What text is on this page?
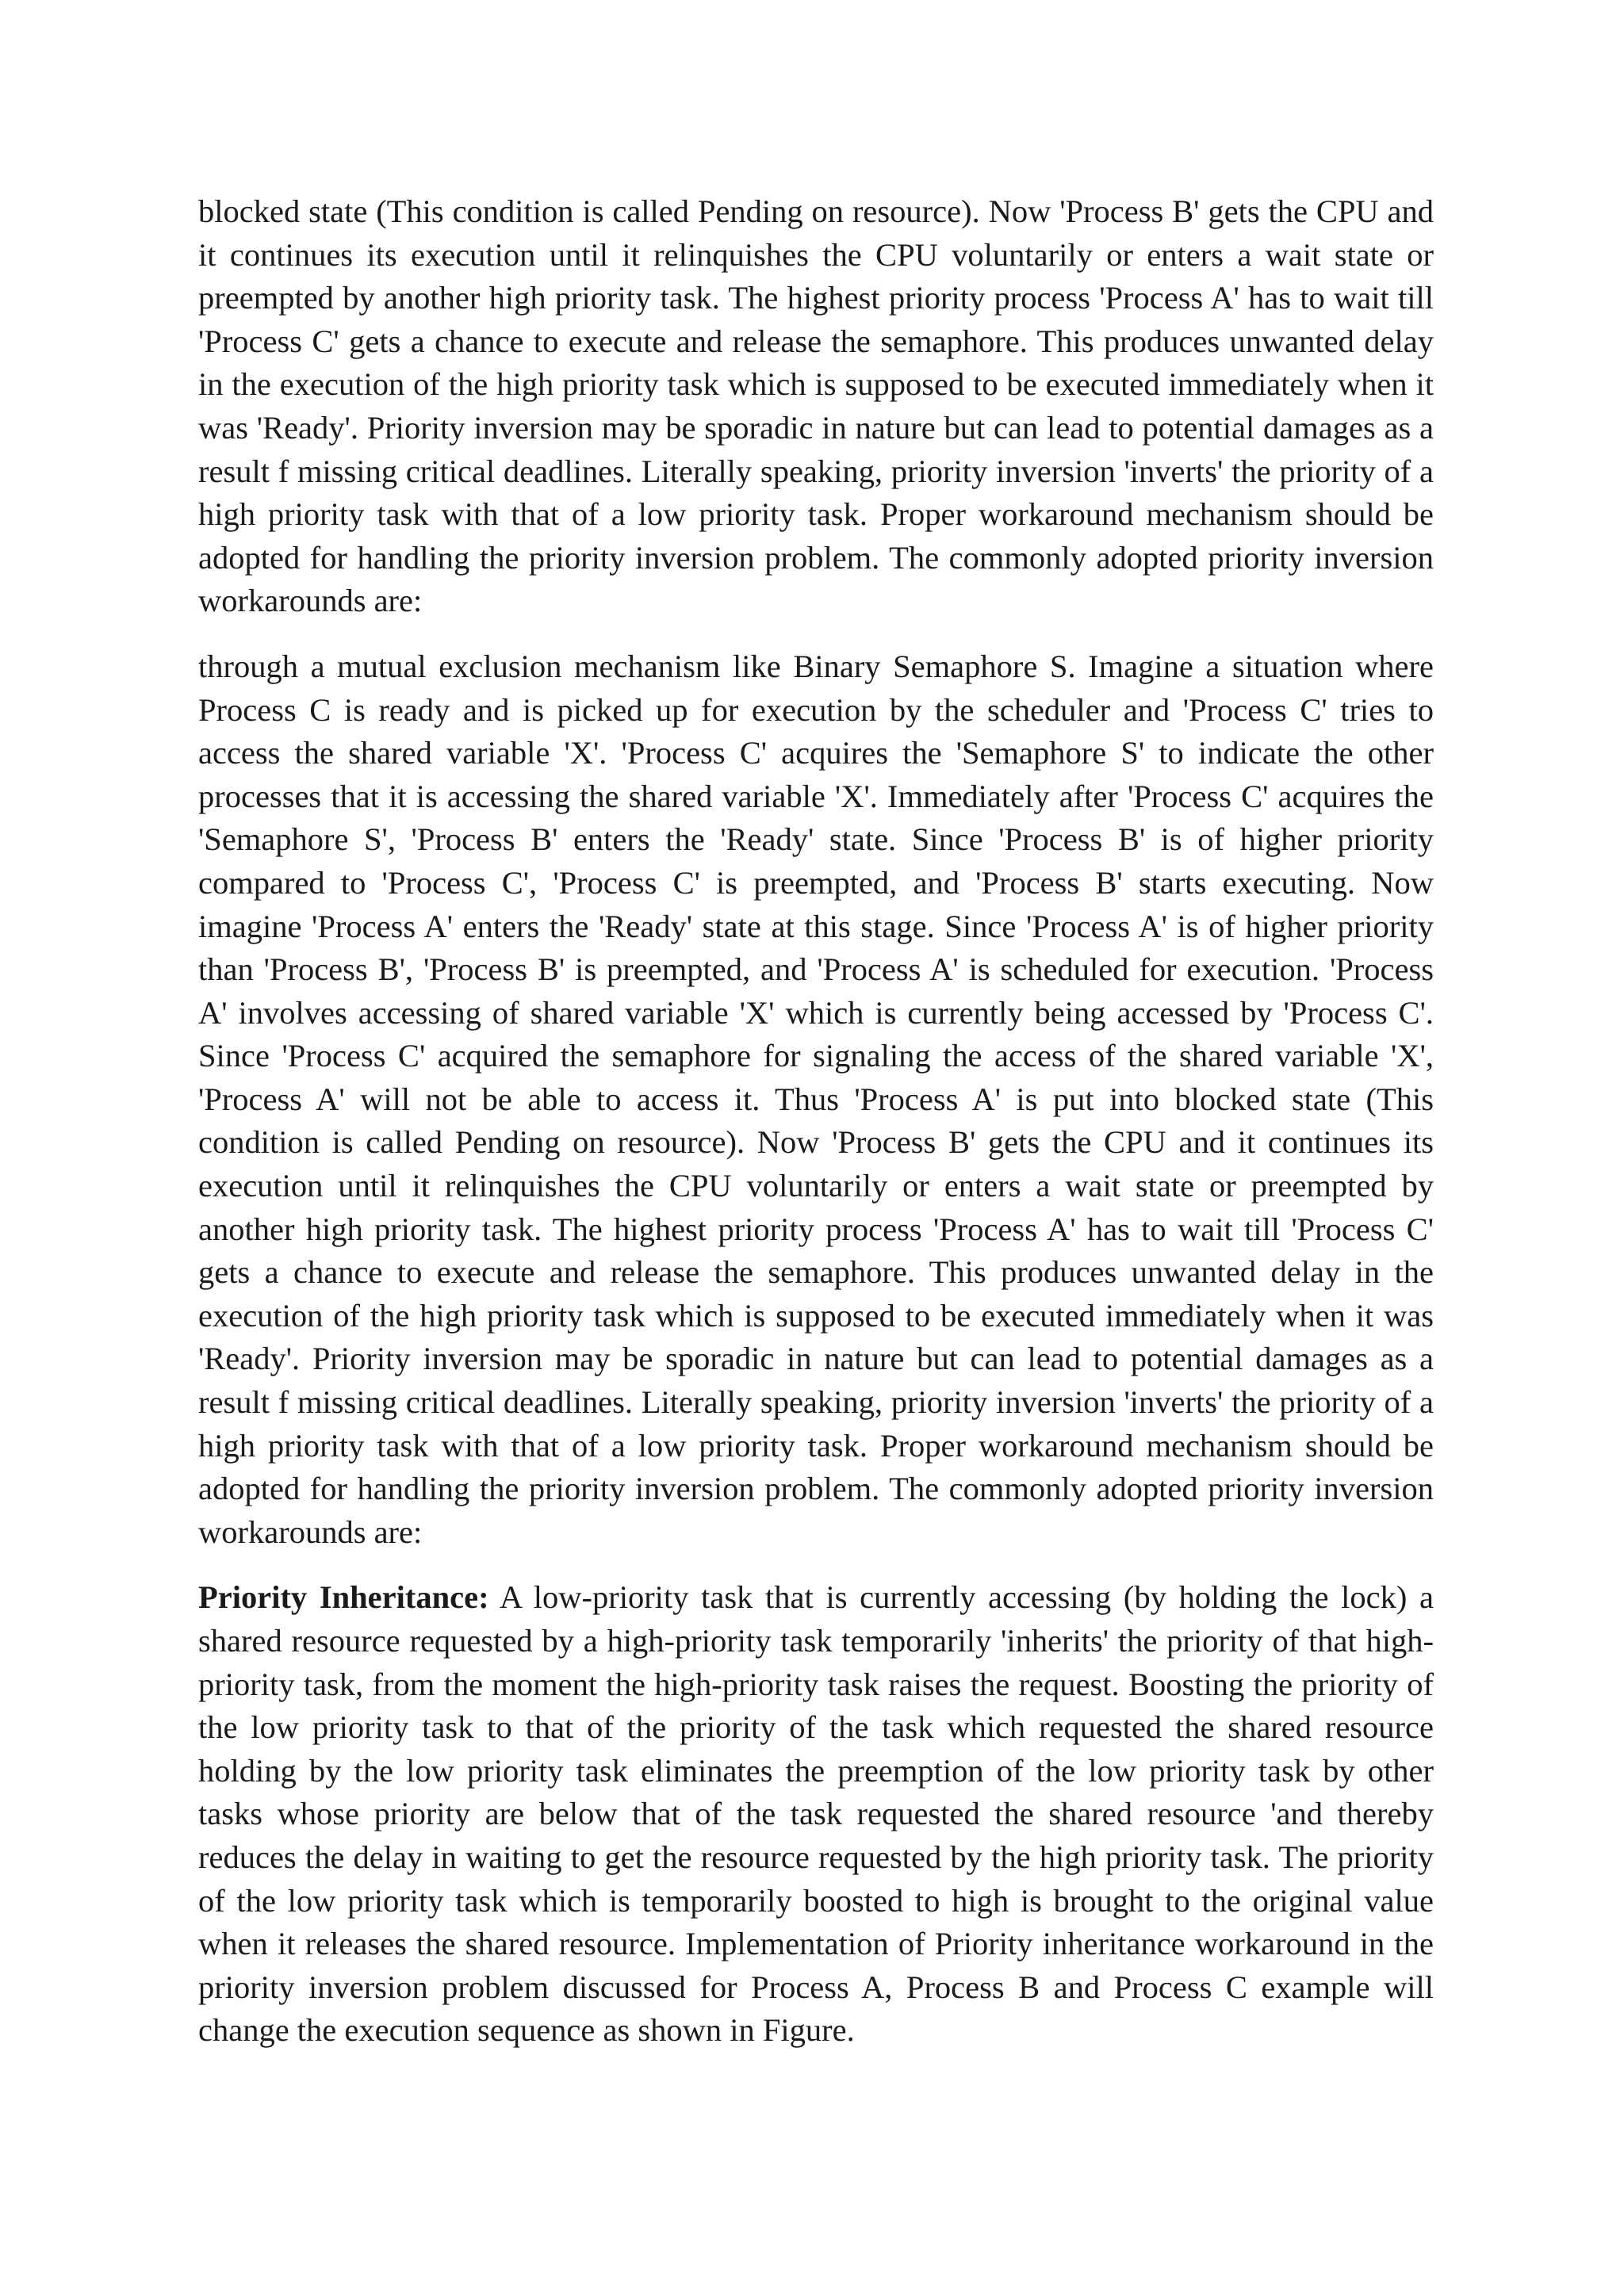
blocked state (This condition is called Pending on resource). Now 'Process B' gets the CPU and it continues its execution until it relinquishes the CPU voluntarily or enters a wait state or preempted by another high priority task. The highest priority process 'Process A' has to wait till 'Process C' gets a chance to execute and release the semaphore. This produces unwanted delay in the execution of the high priority task which is supposed to be executed immediately when it was 'Ready'. Priority inversion may be sporadic in nature but can lead to potential damages as a result f missing critical deadlines. Literally speaking, priority inversion 'inverts' the priority of a high priority task with that of a low priority task. Proper workaround mechanism should be adopted for handling the priority inversion problem. The commonly adopted priority inversion workarounds are:

through a mutual exclusion mechanism like Binary Semaphore S. Imagine a situation where Process C is ready and is picked up for execution by the scheduler and 'Process C' tries to access the shared variable 'X'. 'Process C' acquires the 'Semaphore S' to indicate the other processes that it is accessing the shared variable 'X'. Immediately after 'Process C' acquires the 'Semaphore S', 'Process B' enters the 'Ready' state. Since 'Process B' is of higher priority compared to 'Process C', 'Process C' is preempted, and 'Process B' starts executing. Now imagine 'Process A' enters the 'Ready' state at this stage. Since 'Process A' is of higher priority than 'Process B', 'Process B' is preempted, and 'Process A' is scheduled for execution. 'Process A' involves accessing of shared variable 'X' which is currently being accessed by 'Process C'. Since 'Process C' acquired the semaphore for signaling the access of the shared variable 'X', 'Process A' will not be able to access it. Thus 'Process A' is put into blocked state (This condition is called Pending on resource). Now 'Process B' gets the CPU and it continues its execution until it relinquishes the CPU voluntarily or enters a wait state or preempted by another high priority task. The highest priority process 'Process A' has to wait till 'Process C' gets a chance to execute and release the semaphore. This produces unwanted delay in the execution of the high priority task which is supposed to be executed immediately when it was 'Ready'. Priority inversion may be sporadic in nature but can lead to potential damages as a result f missing critical deadlines. Literally speaking, priority inversion 'inverts' the priority of a high priority task with that of a low priority task. Proper workaround mechanism should be adopted for handling the priority inversion problem. The commonly adopted priority inversion workarounds are:

Priority Inheritance: A low-priority task that is currently accessing (by holding the lock) a shared resource requested by a high-priority task temporarily 'inherits' the priority of that high-priority task, from the moment the high-priority task raises the request. Boosting the priority of the low priority task to that of the priority of the task which requested the shared resource holding by the low priority task eliminates the preemption of the low priority task by other tasks whose priority are below that of the task requested the shared resource 'and thereby reduces the delay in waiting to get the resource requested by the high priority task. The priority of the low priority task which is temporarily boosted to high is brought to the original value when it releases the shared resource. Implementation of Priority inheritance workaround in the priority inversion problem discussed for Process A, Process B and Process C example will change the execution sequence as shown in Figure.
